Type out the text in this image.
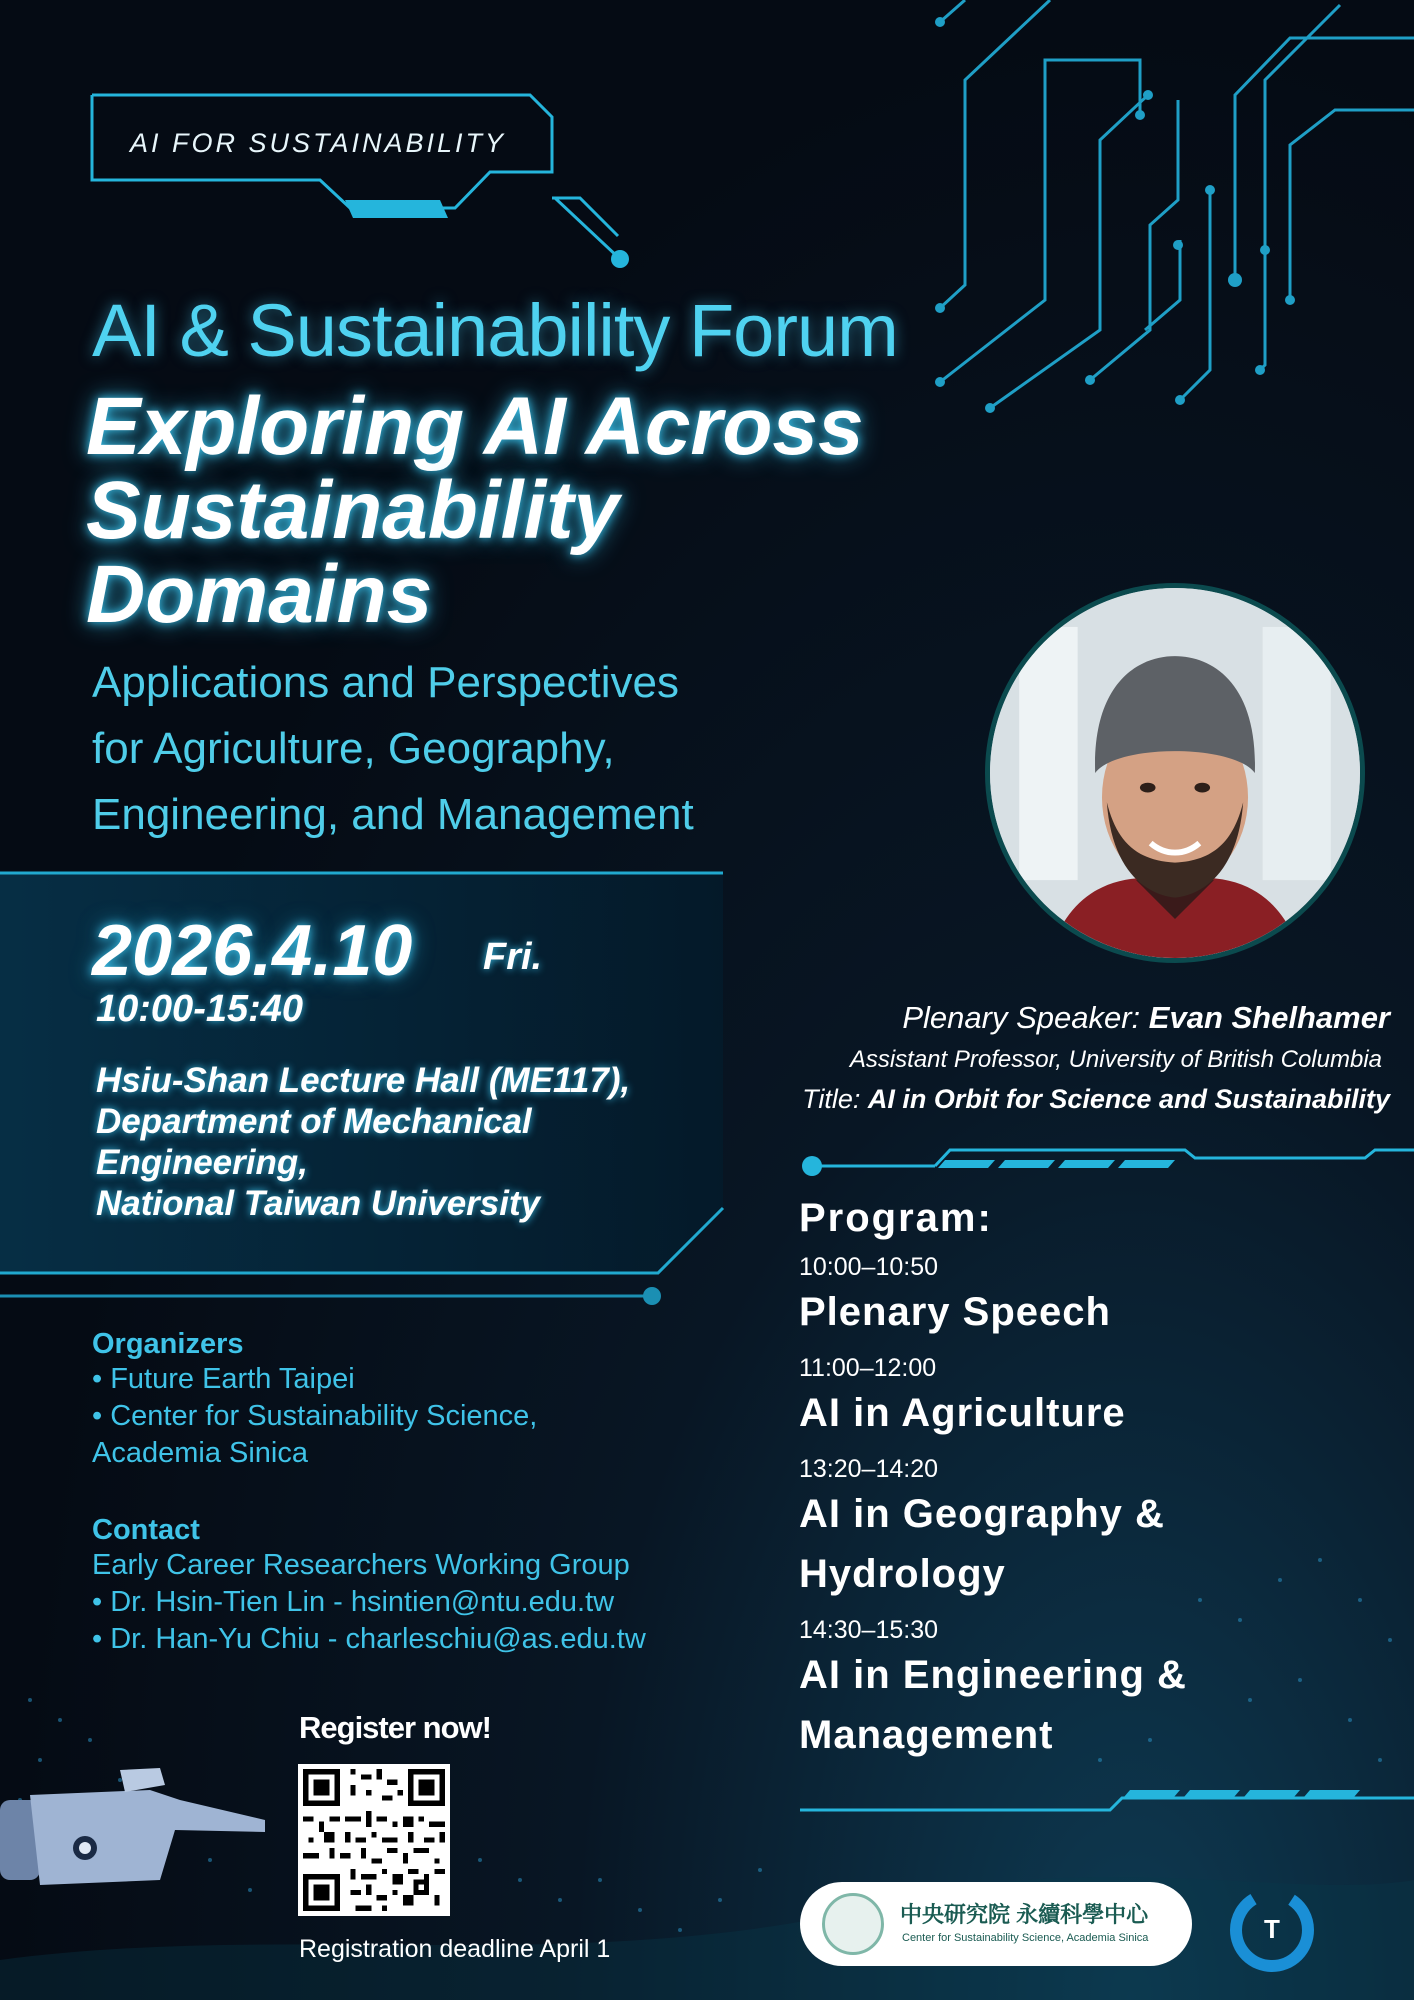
AI FOR SUSTAINABILITY
AI & Sustainability Forum
Exploring AI Across
Sustainability
Domains
Applications and Perspectives
for Agriculture, Geography,
Engineering, and Management
2026.4.10 Fri.
10:00-15:40
Hsiu-Shan Lecture Hall (ME117),
Department of Mechanical
Engineering,
National Taiwan University
Organizers
• Future Earth Taipei
• Center for Sustainability Science,
Academia Sinica
Contact
Early Career Researchers Working Group
• Dr. Hsin-Tien Lin - hsintien@ntu.edu.tw
• Dr. Han-Yu Chiu - charleschiu@as.edu.tw
Register now!
Registration deadline April 1
Plenary Speaker: Evan Shelhamer
Assistant Professor, University of British Columbia
Title: AI in Orbit for Science and Sustainability
Program:
10:00–10:50
Plenary Speech
11:00–12:00
AI in Agriculture
13:20–14:20
AI in Geography &
Hydrology
14:30–15:30
AI in Engineering &
Management
中央研究院 永續科學中心
Center for Sustainability Science, Academia Sinica	T
